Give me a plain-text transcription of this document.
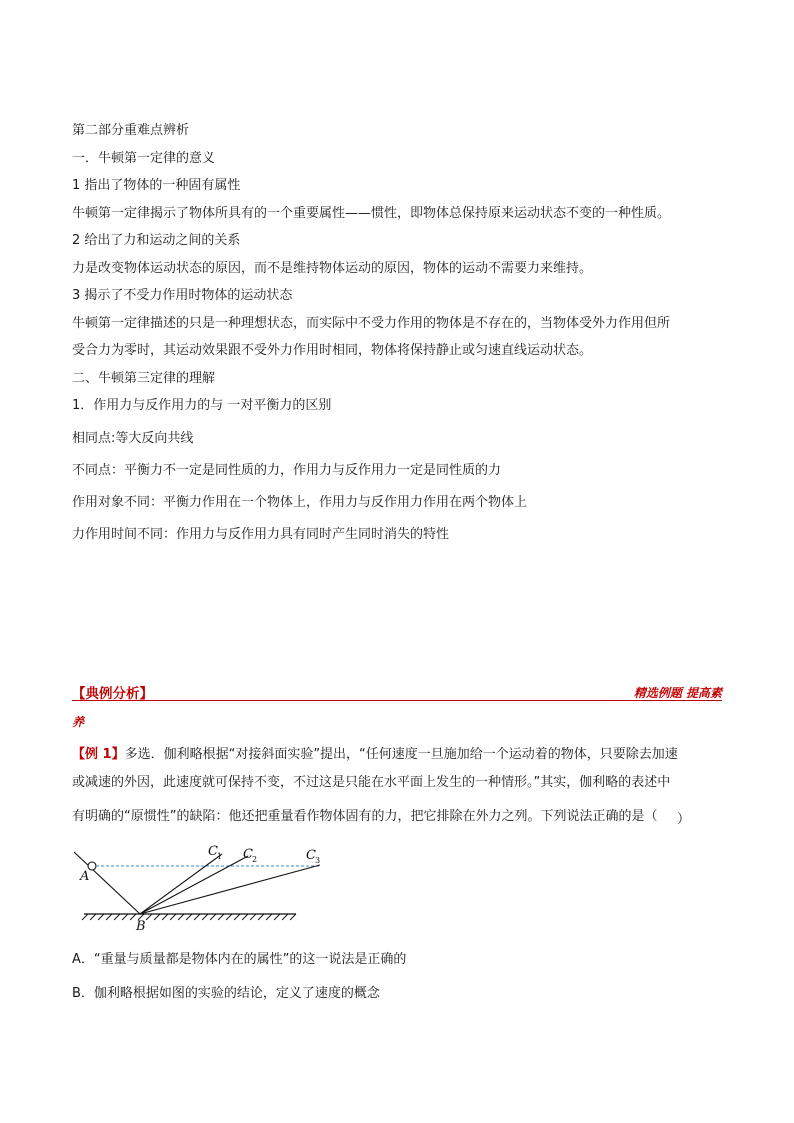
第二部分重难点辨析
一．牛顿第一定律的意义
1 指出了物体的一种固有属性
牛顿第一定律揭示了物体所具有的一个重要属性——惯性，即物体总保持原来运动状态不变的一种性质。
2 给出了力和运动之间的关系
力是改变物体运动状态的原因，而不是维持物体运动的原因，物体的运动不需要力来维持。
3 揭示了不受力作用时物体的运动状态
牛顿第一定律描述的只是一种理想状态，而实际中不受力作用的物体是不存在的，当物体受外力作用但所
受合力为零时，其运动效果跟不受外力作用时相同，物体将保持静止或匀速直线运动状态。
二、牛顿第三定律的理解
1．作用力与反作用力的与 一对平衡力的区别
相同点:等大反向共线
不同点：平衡力不一定是同性质的力，作用力与反作用力一定是同性质的力
作用对象不同：平衡力作用在一个物体上，作用力与反作用力作用在两个物体上
力作用时间不同：作用力与反作用力具有同时产生同时消失的特性
【典例分析】	精选例题 提高素
养
【例 1】多选．伽利略根据“对接斜面实验”提出，“任何速度一旦施加给一个运动着的物体，只要除去加速
或减速的外因，此速度就可保持不变，不过这是只能在水平面上发生的一种情形。”其实，伽利略的表述中
有明确的“原惯性”的缺陷：他还把重量看作物体固有的力，把它排除在外力之列。下列说法正确的是（ ）
A
B
C 1 C 2	C 3
A．“重量与质量都是物体内在的属性”的这一说法是正确的
B．伽利略根据如图的实验的结论，定义了速度的概念
